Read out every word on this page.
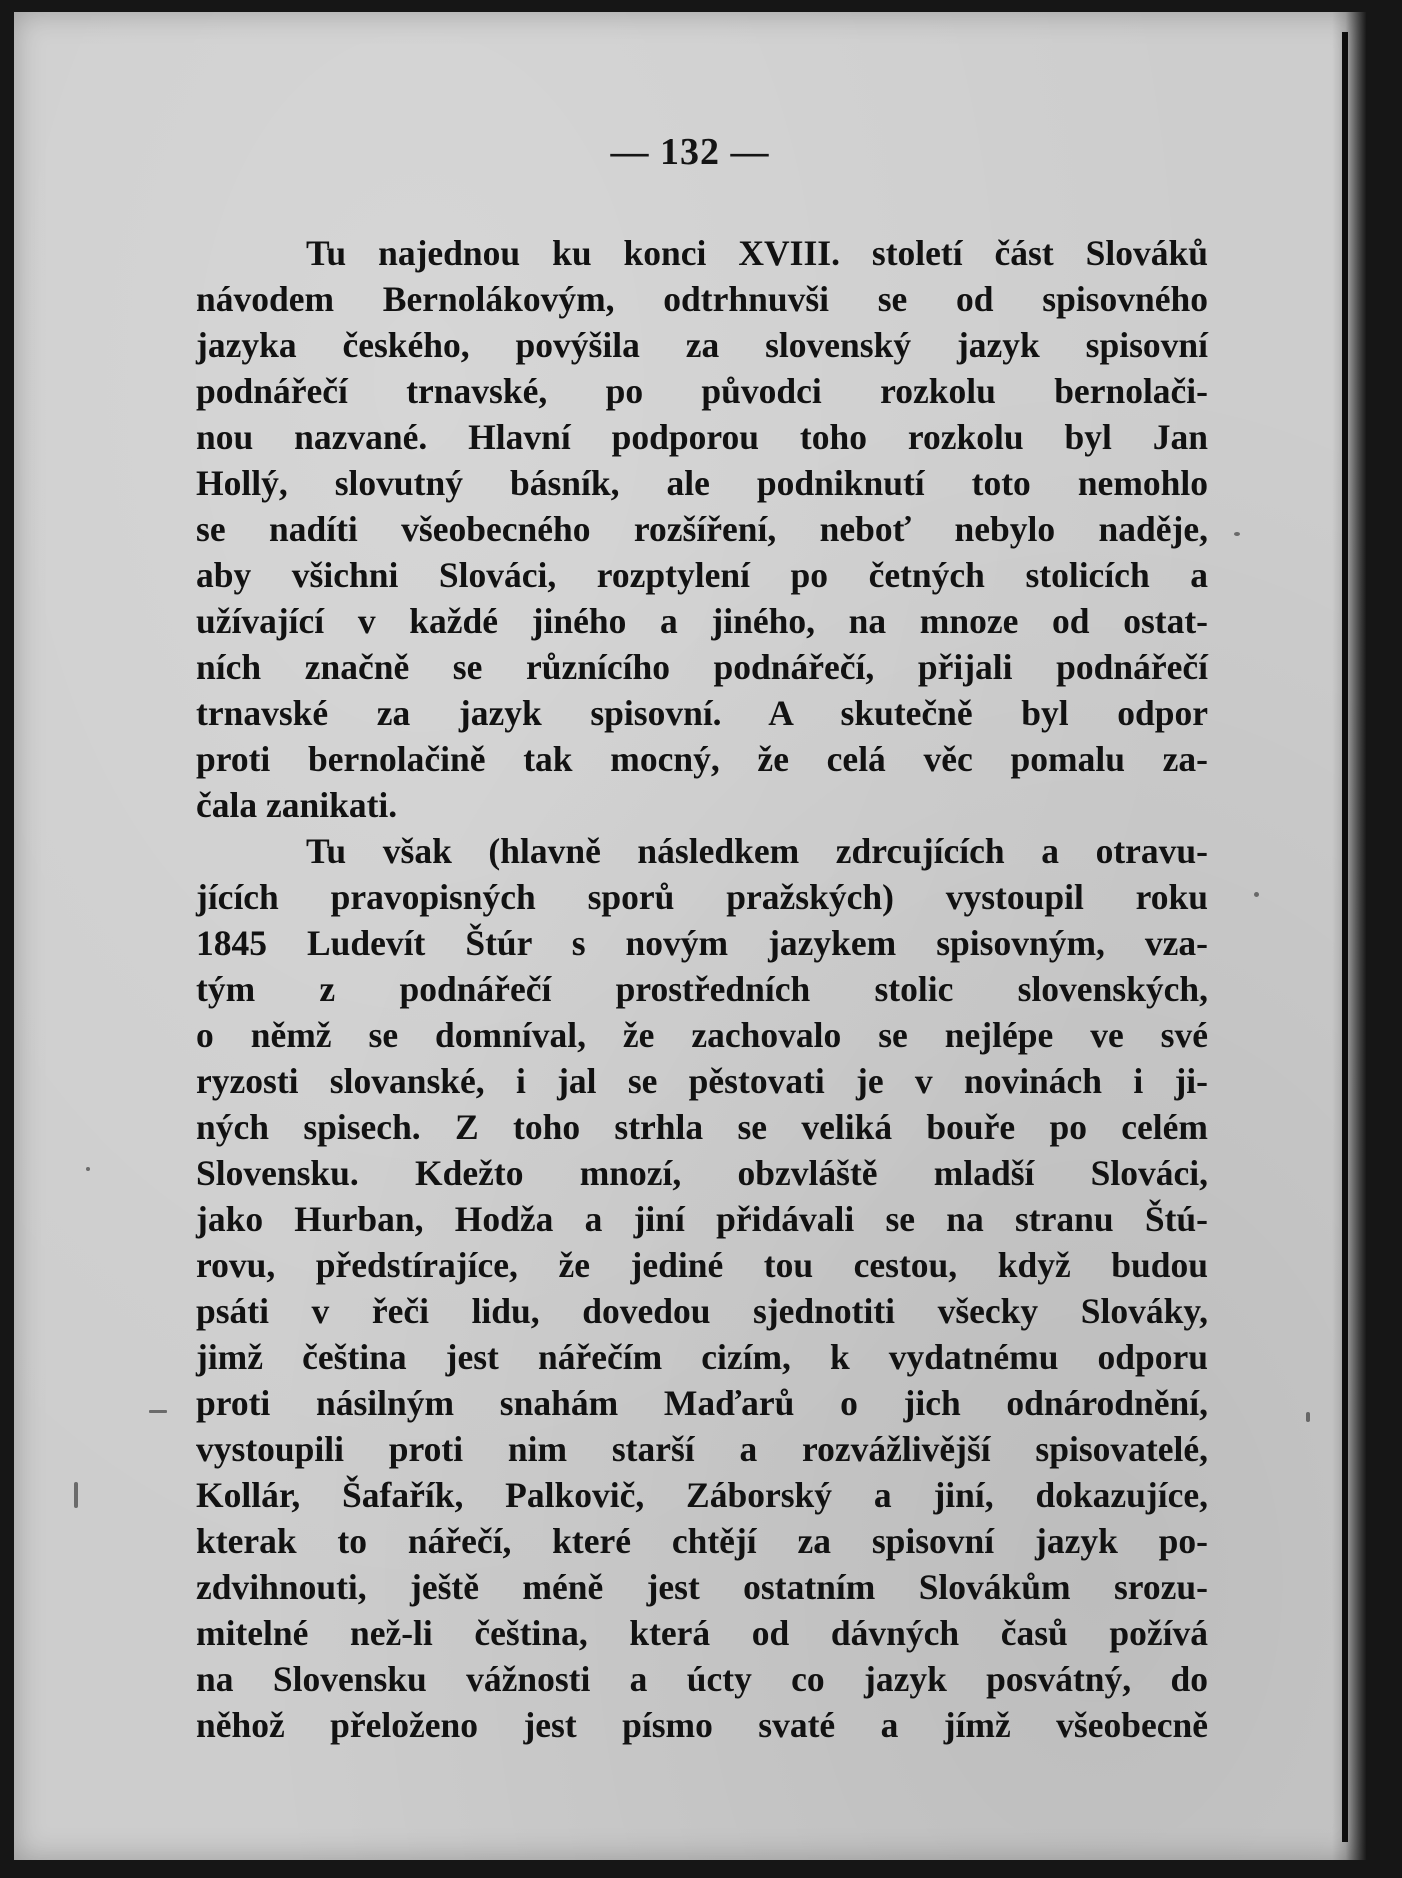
— 132 —
Tu najednou ku konci XVIII. století část Slováků
návodem Bernolákovým, odtrhnuvši se od spisovného
jazyka českého, povýšila za slovenský jazyk spisovní
podnářečí trnavské, po původci rozkolu bernolači-
nou nazvané. Hlavní podporou toho rozkolu byl Jan
Hollý, slovutný básník, ale podniknutí toto nemohlo
se nadíti všeobecného rozšíření, neboť nebylo naděje,
aby všichni Slováci, rozptylení po četných stolicích a
užívající v každé jiného a jiného, na mnoze od ostat-
ních značně se různícího podnářečí, přijali podnářečí
trnavské za jazyk spisovní. A skutečně byl odpor
proti bernolačině tak mocný, že celá věc pomalu za-
čala zanikati.
Tu však (hlavně následkem zdrcujících a otravu-
jících pravopisných sporů pražských) vystoupil roku
1845 Ludevít Štúr s novým jazykem spisovným, vza-
tým z podnářečí prostředních stolic slovenských,
o němž se domníval, že zachovalo se nejlépe ve své
ryzosti slovanské, i jal se pěstovati je v novinách i ji-
ných spisech. Z toho strhla se veliká bouře po celém
Slovensku. Kdežto mnozí, obzvláště mladší Slováci,
jako Hurban, Hodža a jiní přidávali se na stranu Štú-
rovu, předstírajíce, že jediné tou cestou, když budou
psáti v řeči lidu, dovedou sjednotiti všecky Slováky,
jimž čeština jest nářečím cizím, k vydatnému odporu
proti násilným snahám Maďarů o jich odnárodnění,
vystoupili proti nim starší a rozvážlivější spisovatelé,
Kollár, Šafařík, Palkovič, Záborský a jiní, dokazujíce,
kterak to nářečí, které chtějí za spisovní jazyk po-
zdvihnouti, ještě méně jest ostatním Slovákům srozu-
mitelné než-li čeština, která od dávných časů požívá
na Slovensku vážnosti a úcty co jazyk posvátný, do
něhož přeloženo jest písmo svaté a jímž všeobecně
